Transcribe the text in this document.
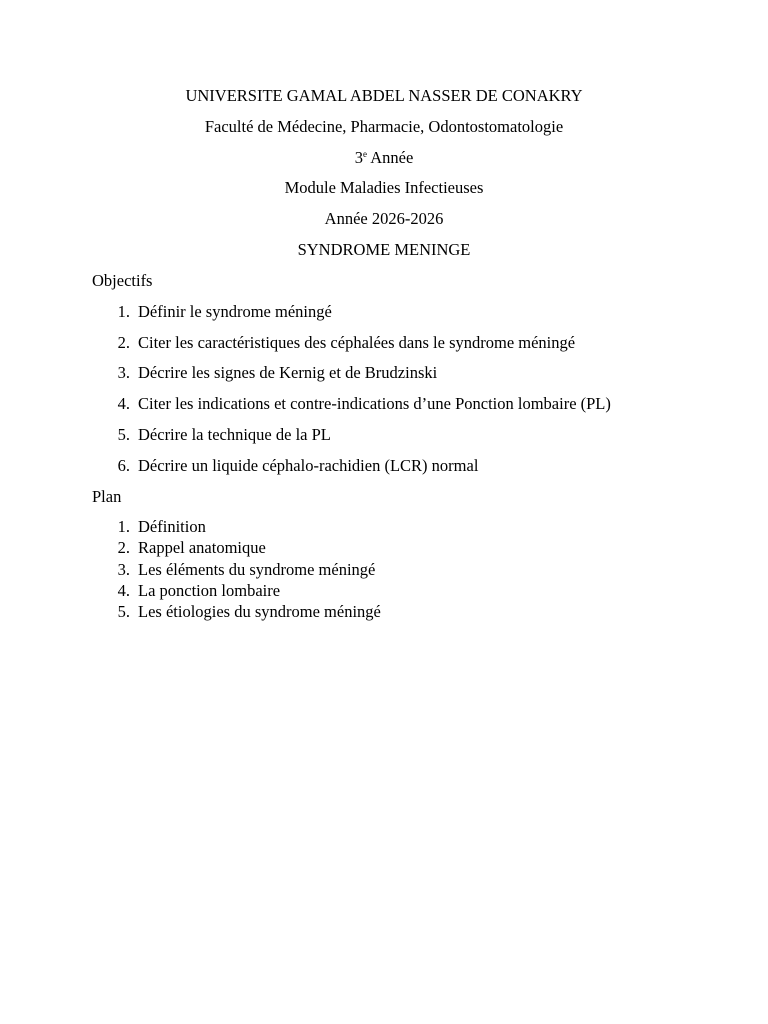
UNIVERSITE GAMAL ABDEL NASSER DE CONAKRY
Faculté de Médecine, Pharmacie, Odontostomatologie
3e Année
Module Maladies Infectieuses
Année 2026-2026
SYNDROME MENINGE
Objectifs
1. Définir le syndrome méningé
2. Citer les caractéristiques des céphalées dans le syndrome méningé
3. Décrire les signes de Kernig et de Brudzinski
4. Citer les indications et contre-indications d’une Ponction lombaire (PL)
5. Décrire la technique de la PL
6. Décrire un liquide céphalo-rachidien (LCR) normal
Plan
1. Définition
2. Rappel anatomique
3. Les éléments du syndrome méningé
4. La ponction lombaire
5. Les étiologies du syndrome méningé
